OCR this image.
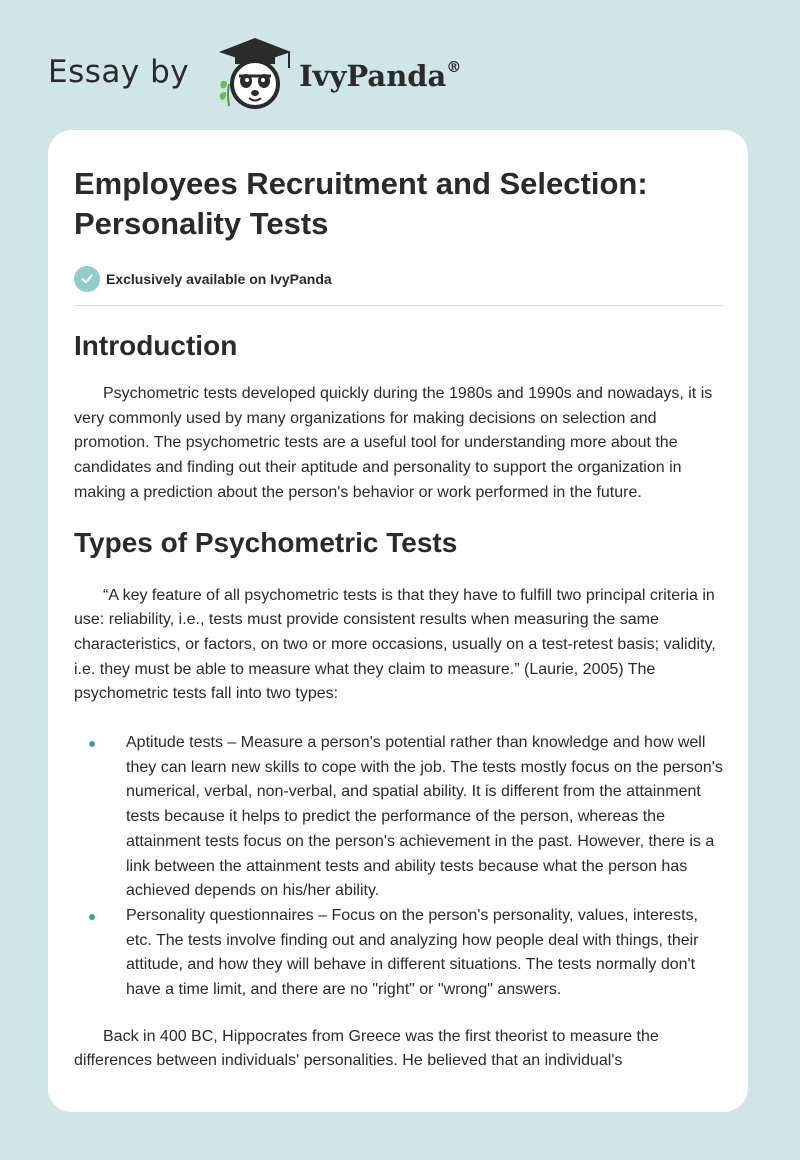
Essay by	IvyPanda®
Employees Recruitment and Selection: Personality Tests
Exclusively available on IvyPanda
Introduction

Psychometric tests developed quickly during the 1980s and 1990s and nowadays, it is very commonly used by many organizations for making decisions on selection and promotion. The psychometric tests are a useful tool for understanding more about the candidates and finding out their aptitude and personality to support the organization in making a prediction about the person's behavior or work performed in the future.

Types of Psychometric Tests

“A key feature of all psychometric tests is that they have to fulfill two principal criteria in use: reliability, i.e., tests must provide consistent results when measuring the same characteristics, or factors, on two or more occasions, usually on a test-retest basis; validity, i.e. they must be able to measure what they claim to measure.” (Laurie, 2005) The psychometric tests fall into two types:

Aptitude tests – Measure a person's potential rather than knowledge and how well they can learn new skills to cope with the job. The tests mostly focus on the person's numerical, verbal, non-verbal, and spatial ability. It is different from the attainment tests because it helps to predict the performance of the person, whereas the attainment tests focus on the person's achievement in the past. However, there is a link between the attainment tests and ability tests because what the person has achieved depends on his/her ability.
Personality questionnaires – Focus on the person's personality, values, interests, etc. The tests involve finding out and analyzing how people deal with things, their attitude, and how they will behave in different situations. The tests normally don't have a time limit, and there are no "right" or "wrong" answers.

Back in 400 BC, Hippocrates from Greece was the first theorist to measure the differences between individuals' personalities. He believed that an individual's
